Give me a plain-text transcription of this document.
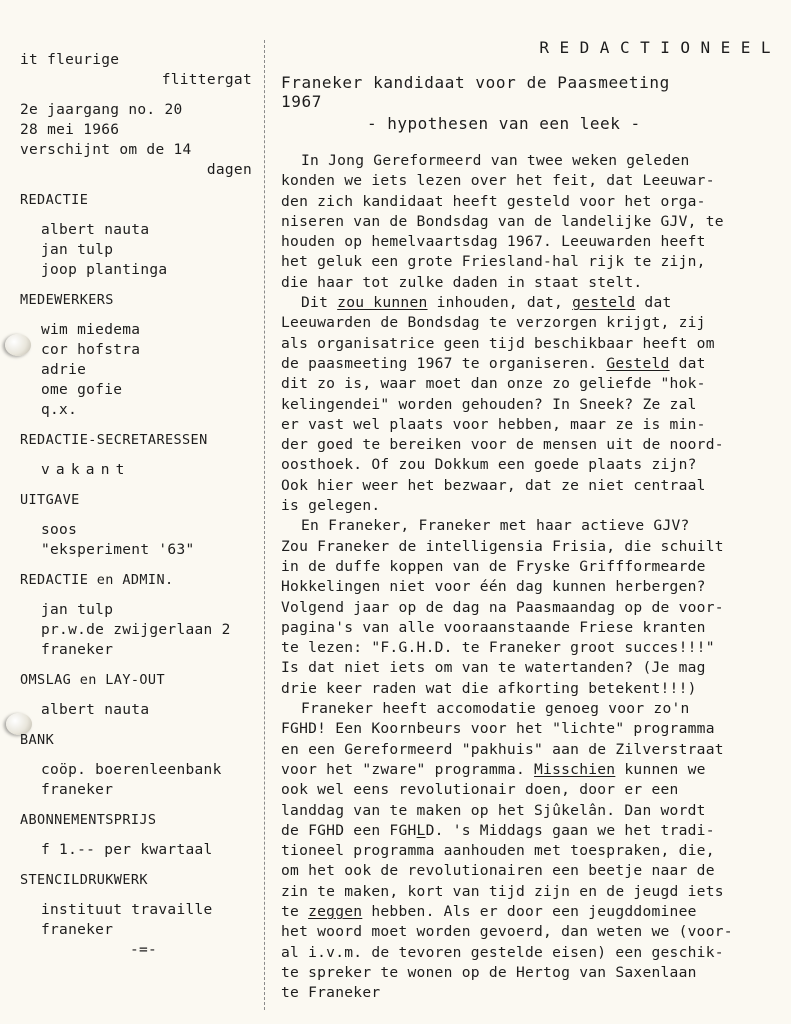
it fleurige
flittergat
2e jaargang no. 20
28 mei 1966
verschijnt om de 14
dagen
REDACTIE
albert nauta
jan tulp
joop plantinga
MEDEWERKERS
wim miedema
cor hofstra
adrie
ome gofie
q.x.
REDACTIE-SECRETARESSEN
vakant
UITGAVE
soos
"eksperiment '63"
REDACTIE en ADMIN.
jan tulp
pr.w.de zwijgerlaan 2
franeker
OMSLAG en LAY-OUT
albert nauta
BANK
coöp. boerenleenbank
franeker
ABONNEMENTSPRIJS
f 1.-- per kwartaal
STENCILDRUKWERK
instituut travaille
franeker
-=-
REDACTIONEEL
Franeker kandidaat voor de Paasmeeting
1967
- hypothesen van een leek -
In Jong Gereformeerd van twee weken geleden
konden we iets lezen over het feit, dat Leeuwar-
den zich kandidaat heeft gesteld voor het orga-
niseren van de Bondsdag van de landelijke GJV, te
houden op hemelvaartsdag 1967. Leeuwarden heeft
het geluk een grote Friesland-hal rijk te zijn,
die haar tot zulke daden in staat stelt.
Dit zou kunnen inhouden, dat, gesteld dat
Leeuwarden de Bondsdag te verzorgen krijgt, zij
als organisatrice geen tijd beschikbaar heeft om
de paasmeeting 1967 te organiseren. Gesteld dat
dit zo is, waar moet dan onze zo geliefde "hok-
kelingendei" worden gehouden? In Sneek? Ze zal
er vast wel plaats voor hebben, maar ze is min-
der goed te bereiken voor de mensen uit de noord-
oosthoek. Of zou Dokkum een goede plaats zijn?
Ook hier weer het bezwaar, dat ze niet centraal
is gelegen.
En Franeker, Franeker met haar actieve GJV?
Zou Franeker de intelligensia Frisia, die schuilt
in de duffe koppen van de Fryske Griffformearde
Hokkelingen niet voor één dag kunnen herbergen?
Volgend jaar op de dag na Paasmaandag op de voor-
pagina's van alle vooraanstaande Friese kranten
te lezen: "F.G.H.D. te Franeker groot succes!!!"
Is dat niet iets om van te watertanden? (Je mag
drie keer raden wat die afkorting betekent!!!)
Franeker heeft accomodatie genoeg voor zo'n
FGHD! Een Koornbeurs voor het "lichte" programma
en een Gereformeerd "pakhuis" aan de Zilverstraat
voor het "zware" programma. Misschien kunnen we
ook wel eens revolutionair doen, door er een
landdag van te maken op het Sjûkelân. Dan wordt
de FGHD een FGHLD. 's Middags gaan we het tradi-
tioneel programma aanhouden met toespraken, die,
om het ook de revolutionairen een beetje naar de
zin te maken, kort van tijd zijn en de jeugd iets
te zeggen hebben. Als er door een jeugddominee
het woord moet worden gevoerd, dan weten we (voor-
al i.v.m. de tevoren gestelde eisen) een geschik-
te spreker te wonen op de Hertog van Saxenlaan
te Franeker
